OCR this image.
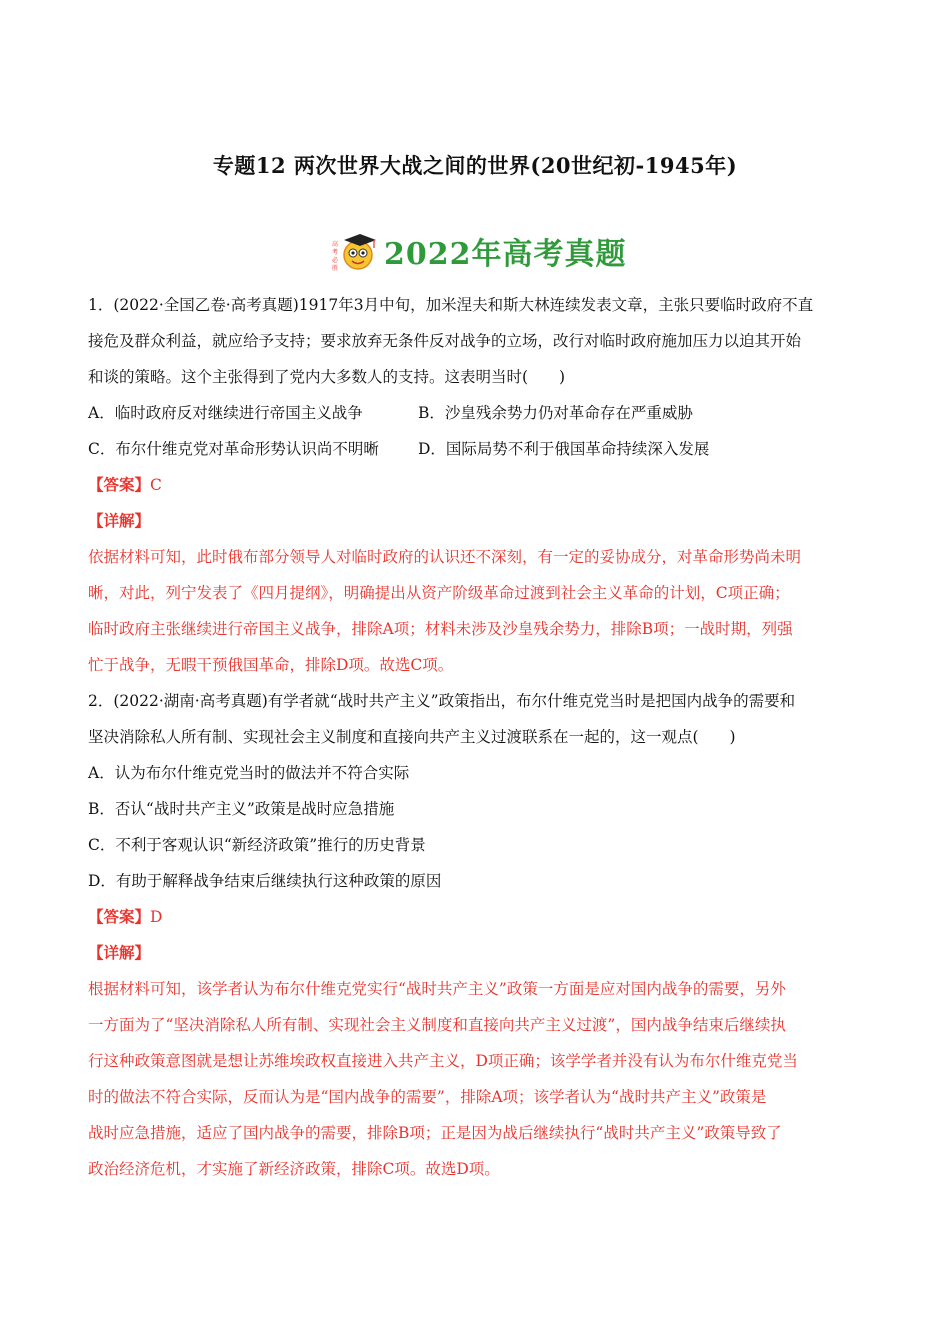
专题12 两次世界大战之间的世界(20世纪初-1945年)
高
考
必
胜 2022年高考真题
1．(2022·全国乙卷·高考真题)1917年3月中旬，加米涅夫和斯大林连续发表文章，主张只要临时政府不直
接危及群众利益，就应给予支持；要求放弃无条件反对战争的立场，改行对临时政府施加压力以迫其开始
和谈的策略。这个主张得到了党内大多数人的支持。这表明当时(　　)
A．临时政府反对继续进行帝国主义战争	B．沙皇残余势力仍对革命存在严重威胁
C．布尔什维克党对革命形势认识尚不明晰	D．国际局势不利于俄国革命持续深入发展
【答案】C
【详解】
依据材料可知，此时俄布部分领导人对临时政府的认识还不深刻，有一定的妥协成分，对革命形势尚未明
晰，对此，列宁发表了《四月提纲》，明确提出从资产阶级革命过渡到社会主义革命的计划，C项正确；
临时政府主张继续进行帝国主义战争，排除A项；材料未涉及沙皇残余势力，排除B项；一战时期，列强
忙于战争，无暇干预俄国革命，排除D项。故选C项。
2．(2022·湖南·高考真题)有学者就“战时共产主义”政策指出，布尔什维克党当时是把国内战争的需要和
坚决消除私人所有制、实现社会主义制度和直接向共产主义过渡联系在一起的，这一观点(　　)
A．认为布尔什维克党当时的做法并不符合实际
B．否认“战时共产主义”政策是战时应急措施
C．不利于客观认识“新经济政策”推行的历史背景
D．有助于解释战争结束后继续执行这种政策的原因
【答案】D
【详解】
根据材料可知，该学者认为布尔什维克党实行“战时共产主义”政策一方面是应对国内战争的需要，另外
一方面为了“坚决消除私人所有制、实现社会主义制度和直接向共产主义过渡”，国内战争结束后继续执
行这种政策意图就是想让苏维埃政权直接进入共产主义，D项正确；该学学者并没有认为布尔什维克党当
时的做法不符合实际，反而认为是“国内战争的需要”，排除A项；该学者认为“战时共产主义”政策是
战时应急措施，适应了国内战争的需要，排除B项；正是因为战后继续执行“战时共产主义”政策导致了
政治经济危机，才实施了新经济政策，排除C项。故选D项。
